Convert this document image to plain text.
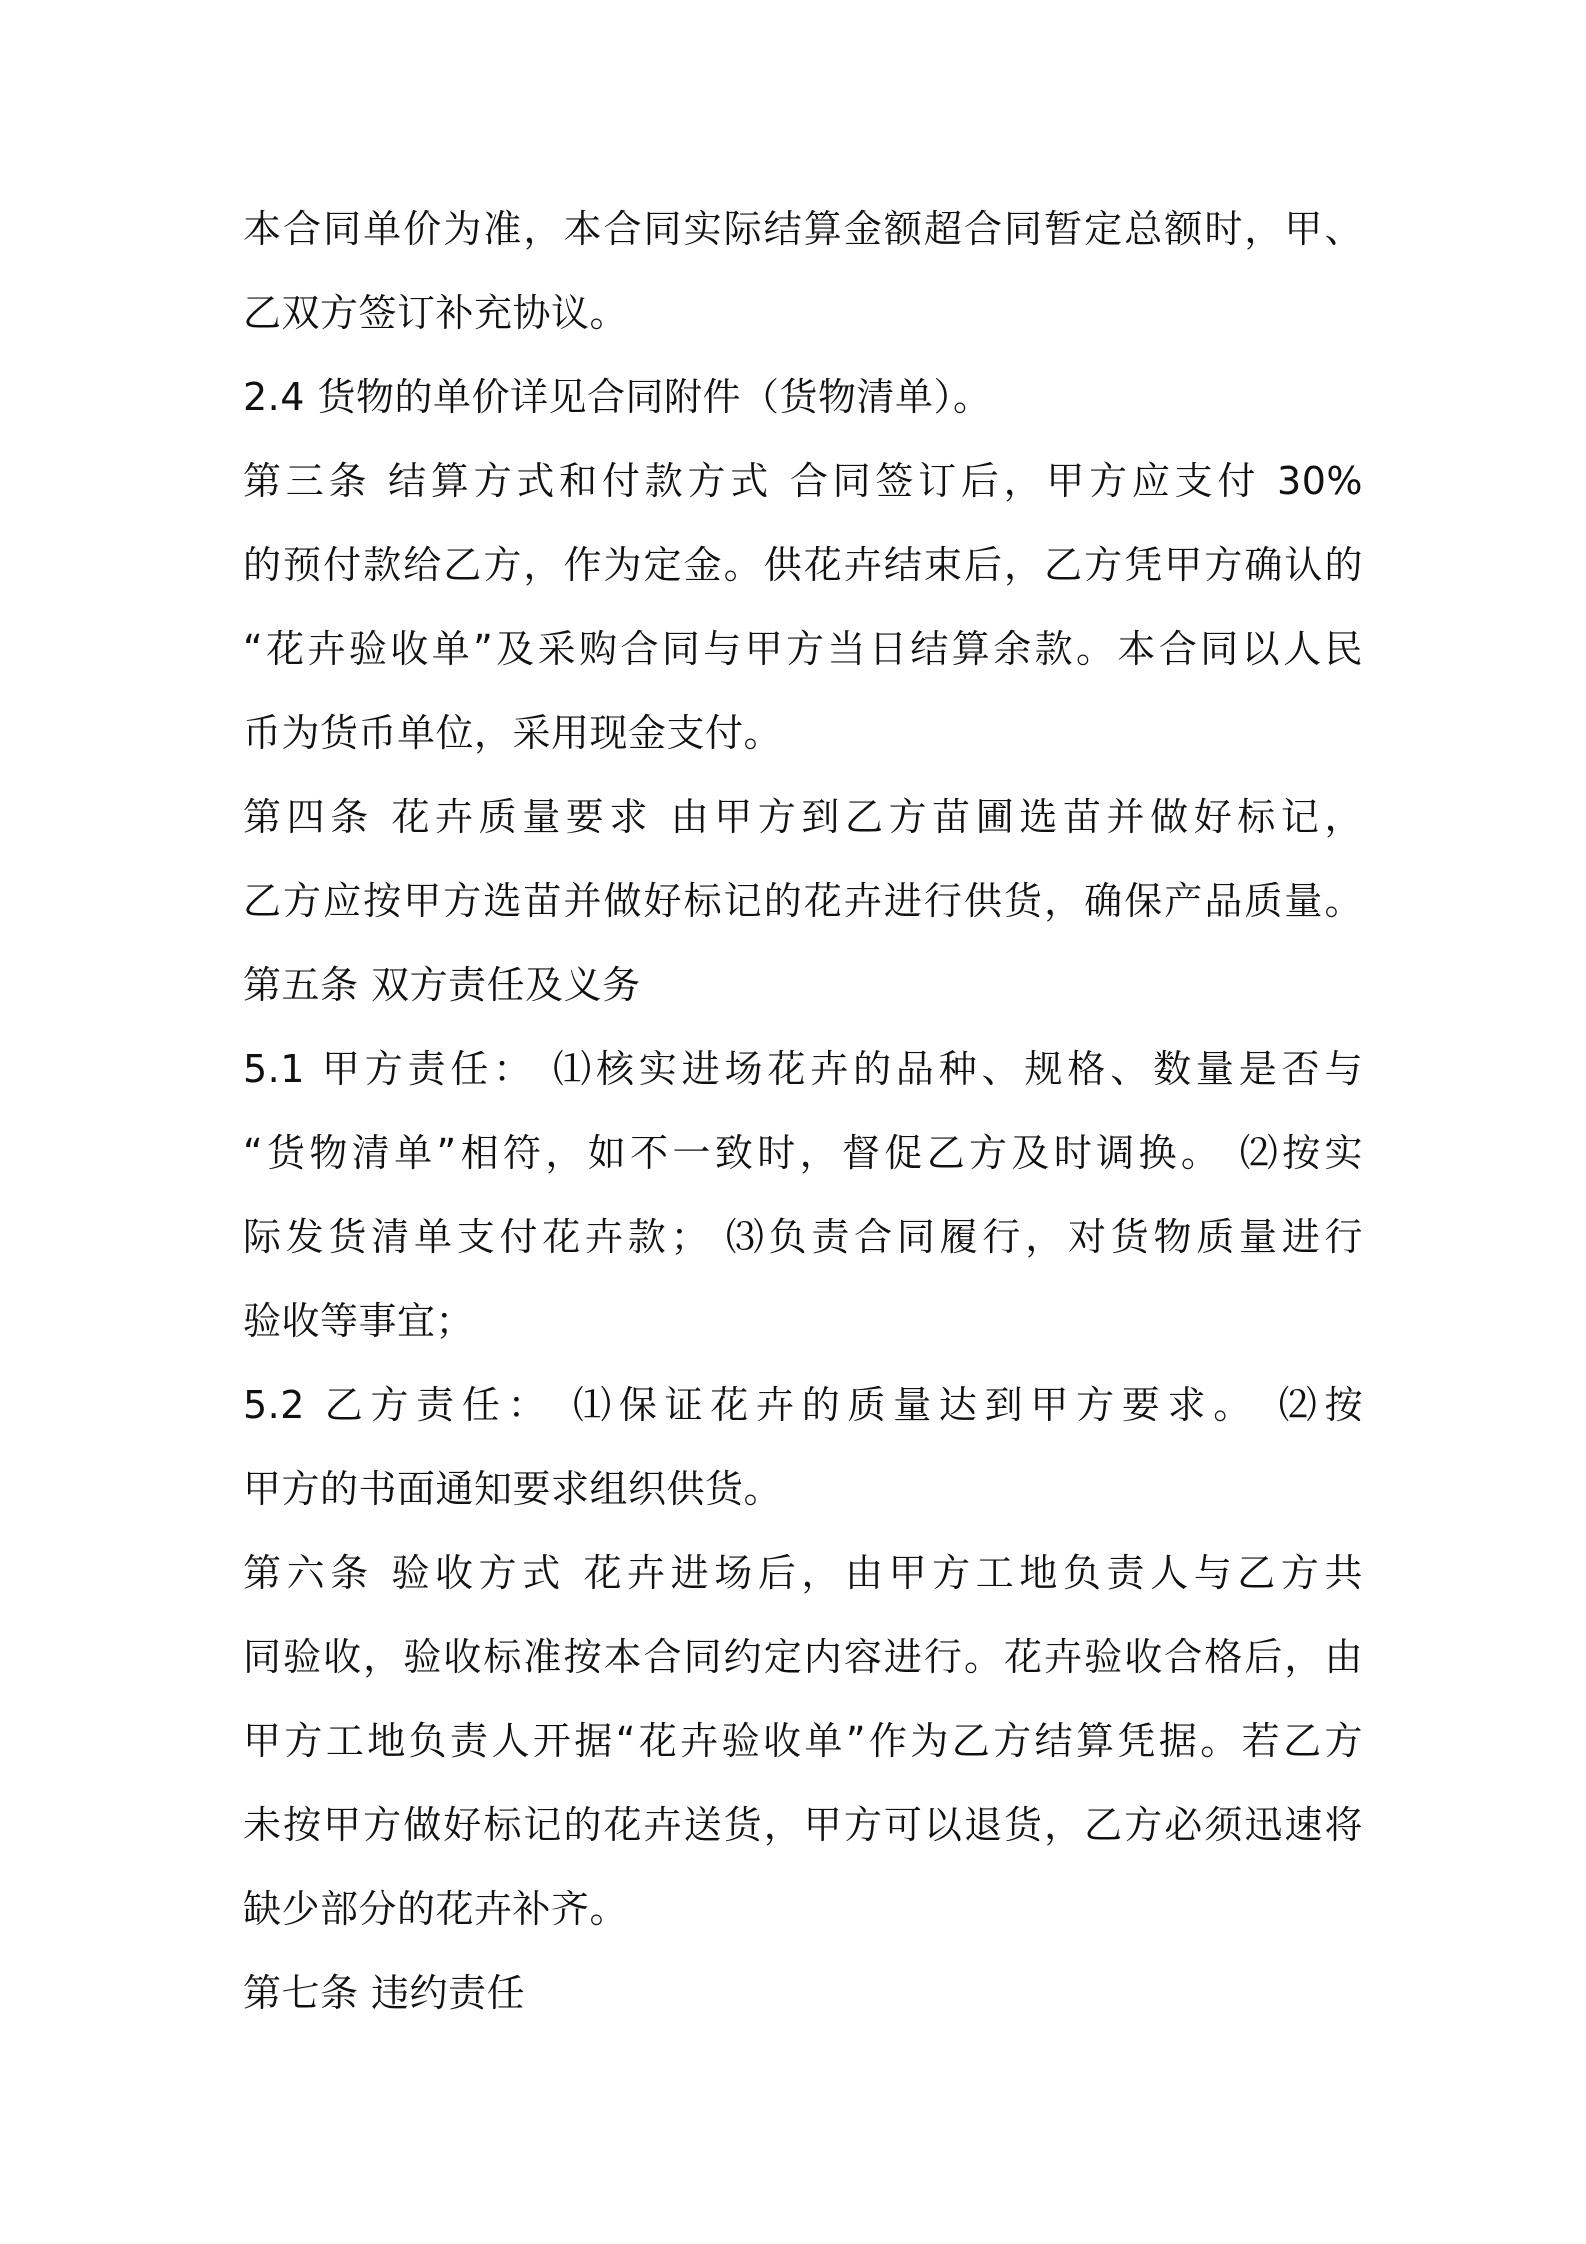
本合同单价为准，本合同实际结算金额超合同暂定总额时，甲、
乙双方签订补充协议。
2.4 货物的单价详见合同附件（货物清单）。
第三条 结算方式和付款方式 合同签订后，甲方应支付 30%
的预付款给乙方，作为定金。供花卉结束后，乙方凭甲方确认的
“花卉验收单”及采购合同与甲方当日结算余款。本合同以人民
币为货币单位，采用现金支付。
第四条 花卉质量要求 由甲方到乙方苗圃选苗并做好标记，
乙方应按甲方选苗并做好标记的花卉进行供货，确保产品质量。
第五条 双方责任及义务
5.1 甲方责任： ⑴核实进场花卉的品种、规格、数量是否与
“货物清单”相符，如不一致时，督促乙方及时调换。 ⑵按实
际发货清单支付花卉款； ⑶负责合同履行，对货物质量进行
验收等事宜；
5.2 乙方责任： ⑴保证花卉的质量达到甲方要求。 ⑵按
甲方的书面通知要求组织供货。
第六条 验收方式 花卉进场后，由甲方工地负责人与乙方共
同验收，验收标准按本合同约定内容进行。花卉验收合格后，由
甲方工地负责人开据“花卉验收单”作为乙方结算凭据。若乙方
未按甲方做好标记的花卉送货，甲方可以退货，乙方必须迅速将
缺少部分的花卉补齐。
第七条 违约责任
